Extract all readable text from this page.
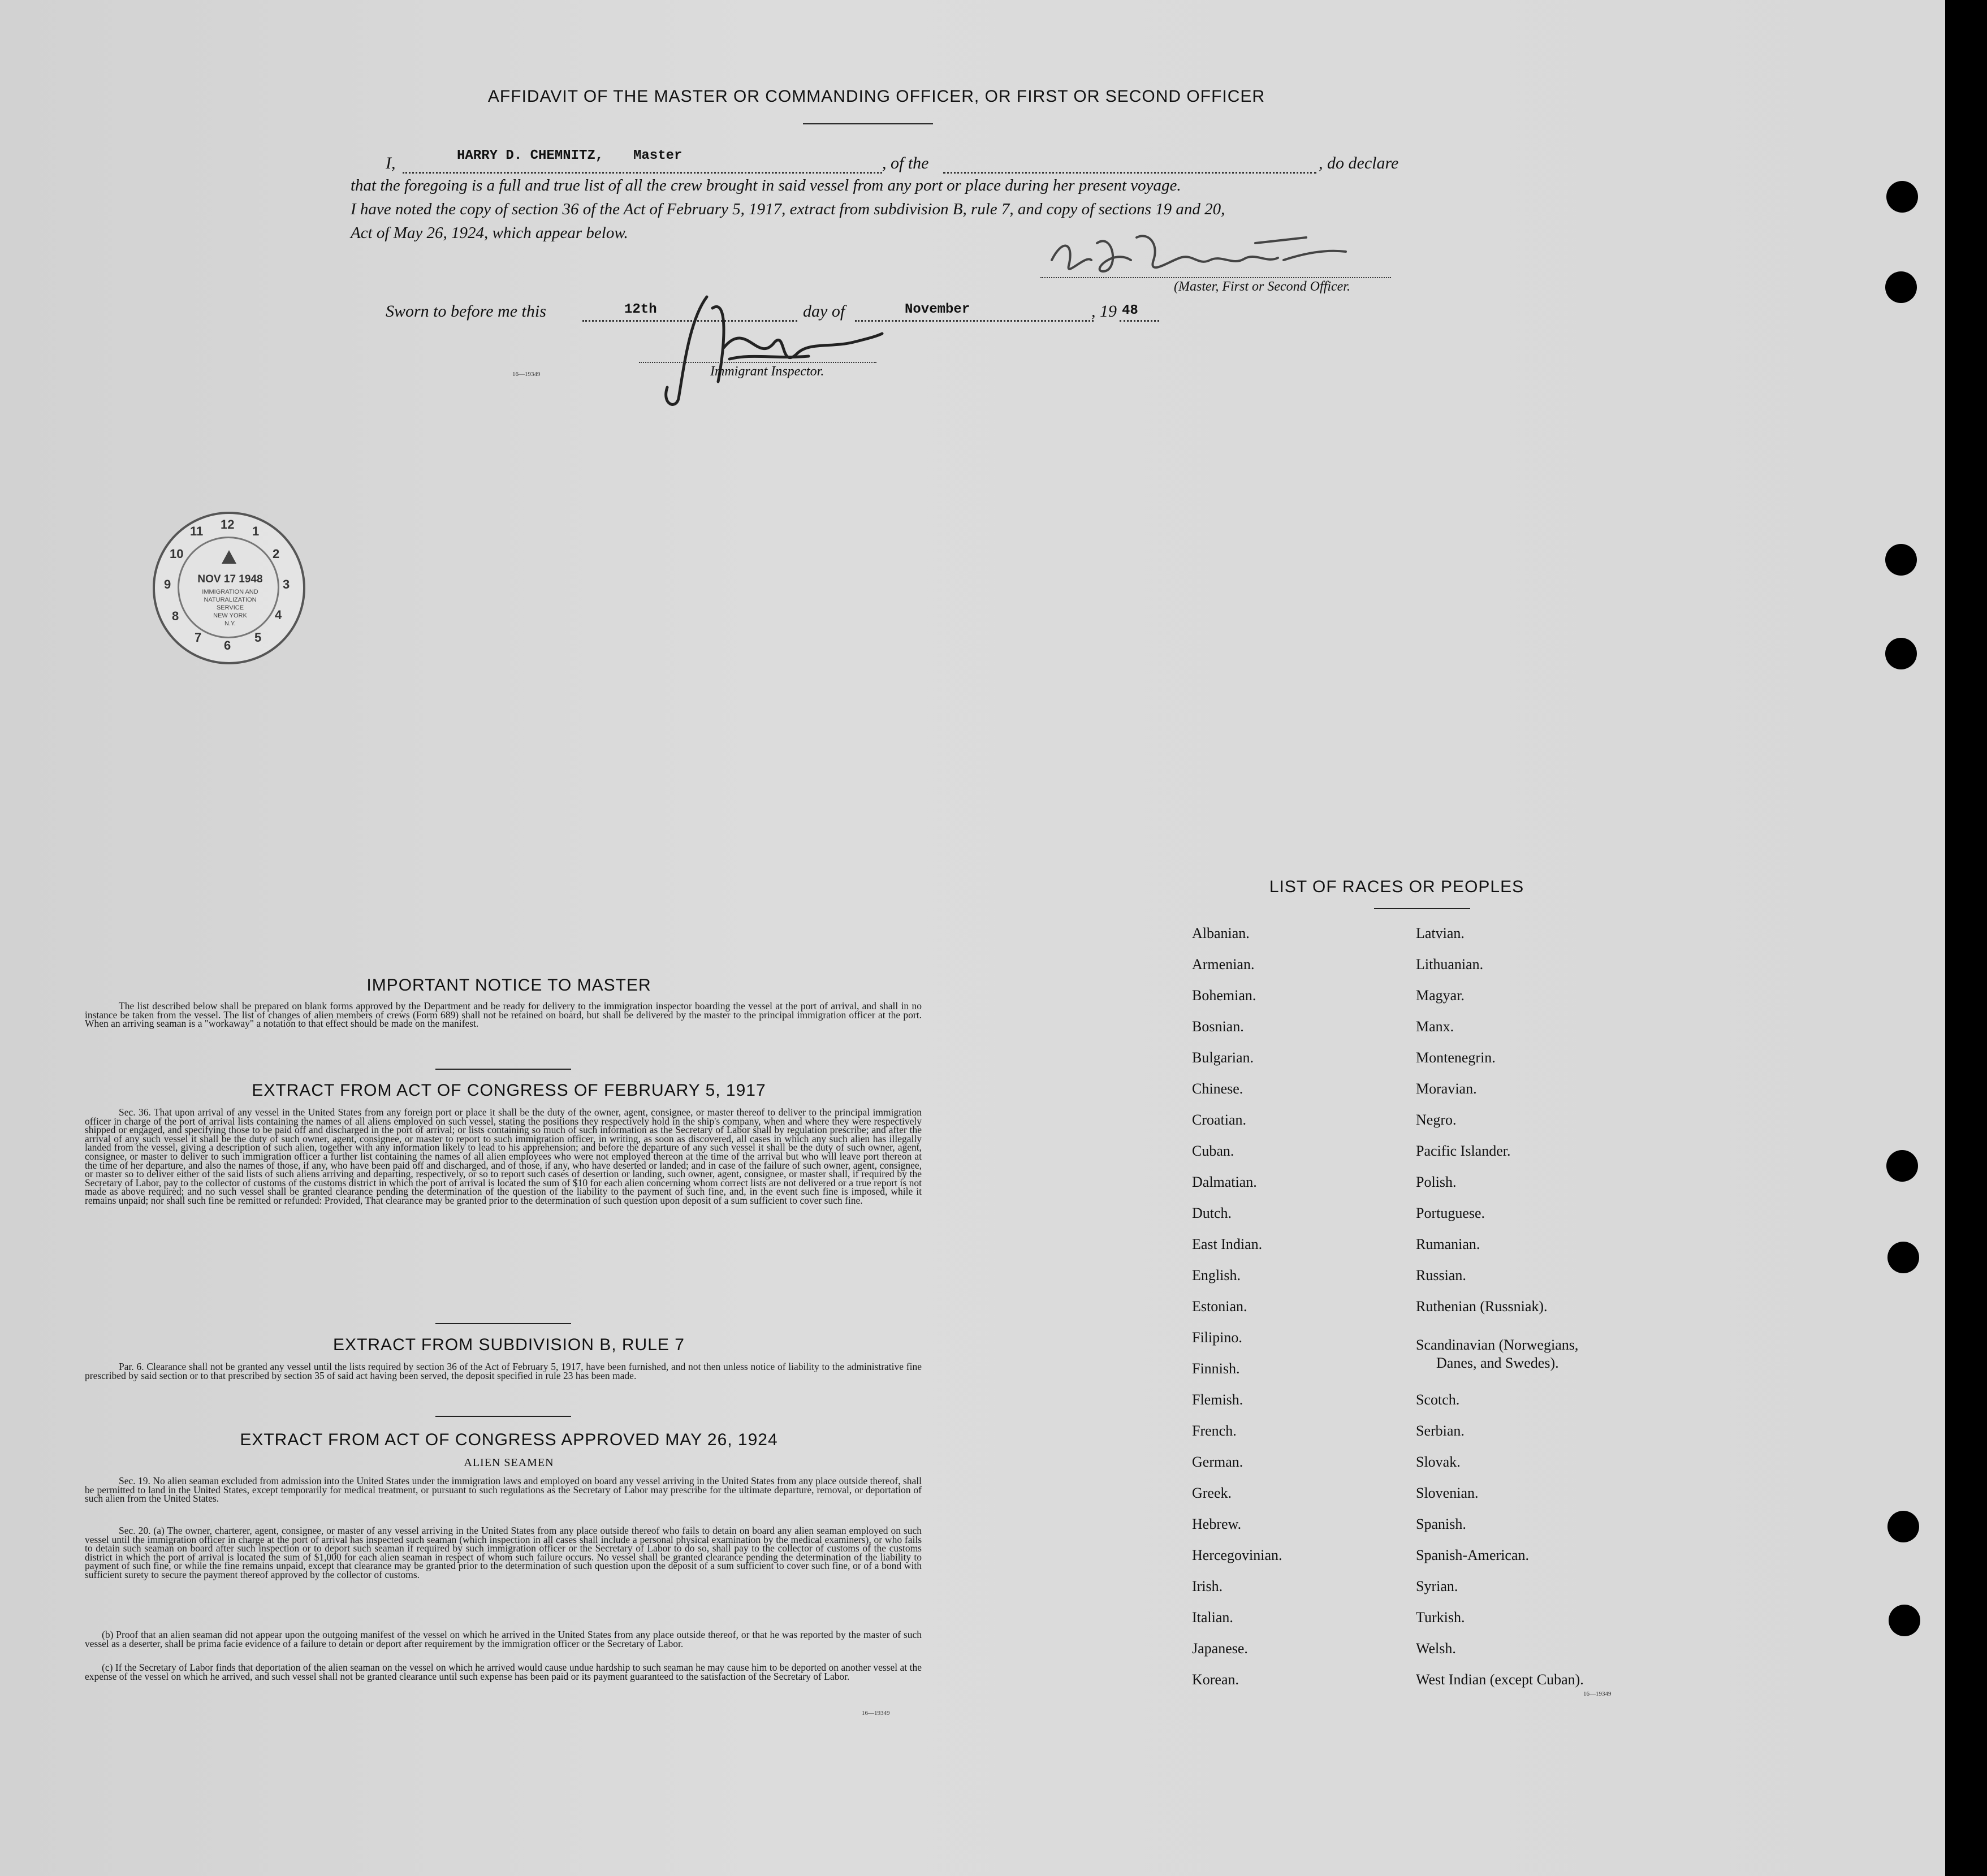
AFFIDAVIT OF THE MASTER OR COMMANDING OFFICER, OR FIRST OR SECOND OFFICER
I,	HARRY D. CHEMNITZ, Master	, of the	, do declare
that the foregoing is a full and true list of all the crew brought in said vessel from any port or place during her present voyage.
I have noted the copy of section 36 of the Act of February 5, 1917, extract from subdivision B, rule 7, and copy of sections 19 and 20,
Act of May 26, 1924, which appear below.
(Master, First or Second Officer.
Sworn to before me this	12th	day of	November	, 19 48
Immigrant Inspector.
16—19349
NOV 17 1948
IMMIGRATION AND
NATURALIZATION
SERVICE
NEW YORK
N.Y.
12 1
2
3
4
5
6
7
8
9
10
11
IMPORTANT NOTICE TO MASTER
The list described below shall be prepared on blank forms approved by the Department and be ready for delivery to the immigration inspector boarding the vessel at the port of arrival, and shall in no instance be taken from the vessel. The list of changes of alien members of crews (Form 689) shall not be retained on board, but shall be delivered by the master to the principal immigration officer at the port. When an arriving seaman is a "workaway" a notation to that effect should be made on the manifest.
EXTRACT FROM ACT OF CONGRESS OF FEBRUARY 5, 1917
Sec. 36. That upon arrival of any vessel in the United States from any foreign port or place it shall be the duty of the owner, agent, consignee, or master thereof to deliver to the principal immigration officer in charge of the port of arrival lists containing the names of all aliens employed on such vessel, stating the positions they respectively hold in the ship's company, when and where they were respectively shipped or engaged, and specifying those to be paid off and discharged in the port of arrival; or lists containing so much of such information as the Secretary of Labor shall by regulation prescribe; and after the arrival of any such vessel it shall be the duty of such owner, agent, consignee, or master to report to such immigration officer, in writing, as soon as discovered, all cases in which any such alien has illegally landed from the vessel, giving a description of such alien, together with any information likely to lead to his apprehension; and before the departure of any such vessel it shall be the duty of such owner, agent, consignee, or master to deliver to such immigration officer a further list containing the names of all alien employees who were not employed thereon at the time of the arrival but who will leave port thereon at the time of her departure, and also the names of those, if any, who have been paid off and discharged, and of those, if any, who have deserted or landed; and in case of the failure of such owner, agent, consignee, or master so to deliver either of the said lists of such aliens arriving and departing, respectively, or so to report such cases of desertion or landing, such owner, agent, consignee, or master shall, if required by the Secretary of Labor, pay to the collector of customs of the customs district in which the port of arrival is located the sum of $10 for each alien concerning whom correct lists are not delivered or a true report is not made as above required; and no such vessel shall be granted clearance pending the determination of the question of the liability to the payment of such fine, and, in the event such fine is imposed, while it remains unpaid; nor shall such fine be remitted or refunded: Provided, That clearance may be granted prior to the determination of such question upon deposit of a sum sufficient to cover such fine.
EXTRACT FROM SUBDIVISION B, RULE 7
Par. 6. Clearance shall not be granted any vessel until the lists required by section 36 of the Act of February 5, 1917, have been furnished, and not then unless notice of liability to the administrative fine prescribed by said section or to that prescribed by section 35 of said act having been served, the deposit specified in rule 23 has been made.
EXTRACT FROM ACT OF CONGRESS APPROVED MAY 26, 1924
ALIEN SEAMEN
Sec. 19. No alien seaman excluded from admission into the United States under the immigration laws and employed on board any vessel arriving in the United States from any place outside thereof, shall be permitted to land in the United States, except temporarily for medical treatment, or pursuant to such regulations as the Secretary of Labor may prescribe for the ultimate departure, removal, or deportation of such alien from the United States.
Sec. 20. (a) The owner, charterer, agent, consignee, or master of any vessel arriving in the United States from any place outside thereof who fails to detain on board any alien seaman employed on such vessel until the immigration officer in charge at the port of arrival has inspected such seaman (which inspection in all cases shall include a personal physical examination by the medical examiners), or who fails to detain such seaman on board after such inspection or to deport such seaman if required by such immigration officer or the Secretary of Labor to do so, shall pay to the collector of customs of the customs district in which the port of arrival is located the sum of $1,000 for each alien seaman in respect of whom such failure occurs. No vessel shall be granted clearance pending the determination of the liability to payment of such fine, or while the fine remains unpaid, except that clearance may be granted prior to the determination of such question upon the deposit of a sum sufficient to cover such fine, or of a bond with sufficient surety to secure the payment thereof approved by the collector of customs.
(b) Proof that an alien seaman did not appear upon the outgoing manifest of the vessel on which he arrived in the United States from any place outside thereof, or that he was reported by the master of such vessel as a deserter, shall be prima facie evidence of a failure to detain or deport after requirement by the immigration officer or the Secretary of Labor.
(c) If the Secretary of Labor finds that deportation of the alien seaman on the vessel on which he arrived would cause undue hardship to such seaman he may cause him to be deported on another vessel at the expense of the vessel on which he arrived, and such vessel shall not be granted clearance until such expense has been paid or its payment guaranteed to the satisfaction of the Secretary of Labor.
16—19349
LIST OF RACES OR PEOPLES
Albanian.
Armenian.
Bohemian.
Bosnian.
Bulgarian.
Chinese.
Croatian.
Cuban.
Dalmatian.
Dutch.
East Indian.
English.
Estonian.
Filipino.
Finnish.
Flemish.
French.
German.
Greek.
Hebrew.
Hercegovinian.
Irish.
Italian.
Japanese.
Korean.
Latvian.
Lithuanian.
Magyar.
Manx.
Montenegrin.
Moravian.
Negro.
Pacific Islander.
Polish.
Portuguese.
Rumanian.
Russian.
Ruthenian (Russniak).
Scandinavian (Norwegians,
Danes, and Swedes).
Scotch.
Serbian.
Slovak.
Slovenian.
Spanish.
Spanish-American.
Syrian.
Turkish.
Welsh.
West Indian (except Cuban).
16—19349
